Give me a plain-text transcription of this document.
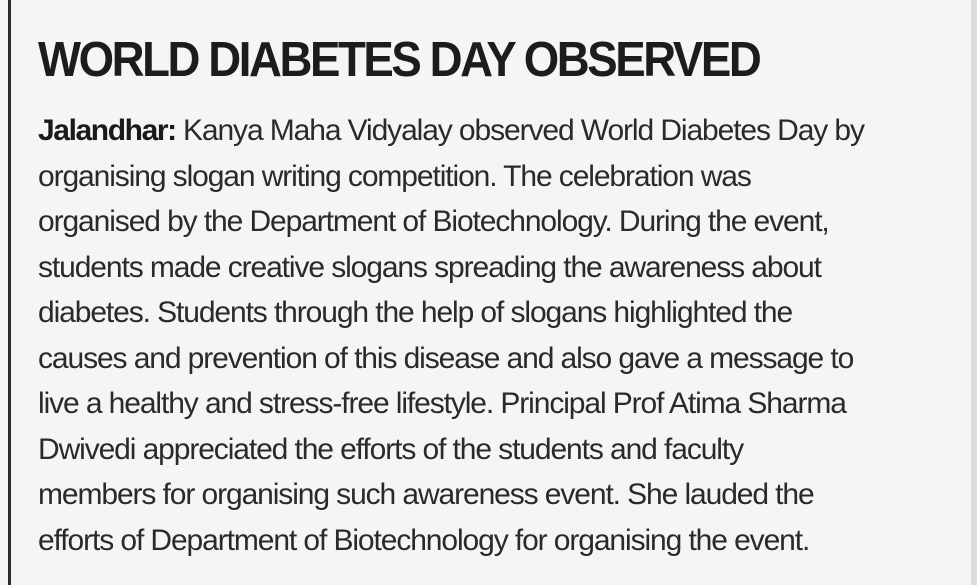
WORLD DIABETES DAY OBSERVED
Jalandhar: Kanya Maha Vidyalay observed World Diabetes Day by
organising slogan writing competition. The celebration was
organised by the Department of Biotechnology. During the event,
students made creative slogans spreading the awareness about
diabetes. Students through the help of slogans highlighted the
causes and prevention of this disease and also gave a message to
live a healthy and stress-free lifestyle. Principal Prof Atima Sharma
Dwivedi appreciated the efforts of the students and faculty
members for organising such awareness event. She lauded the
efforts of Department of Biotechnology for organising the event.
